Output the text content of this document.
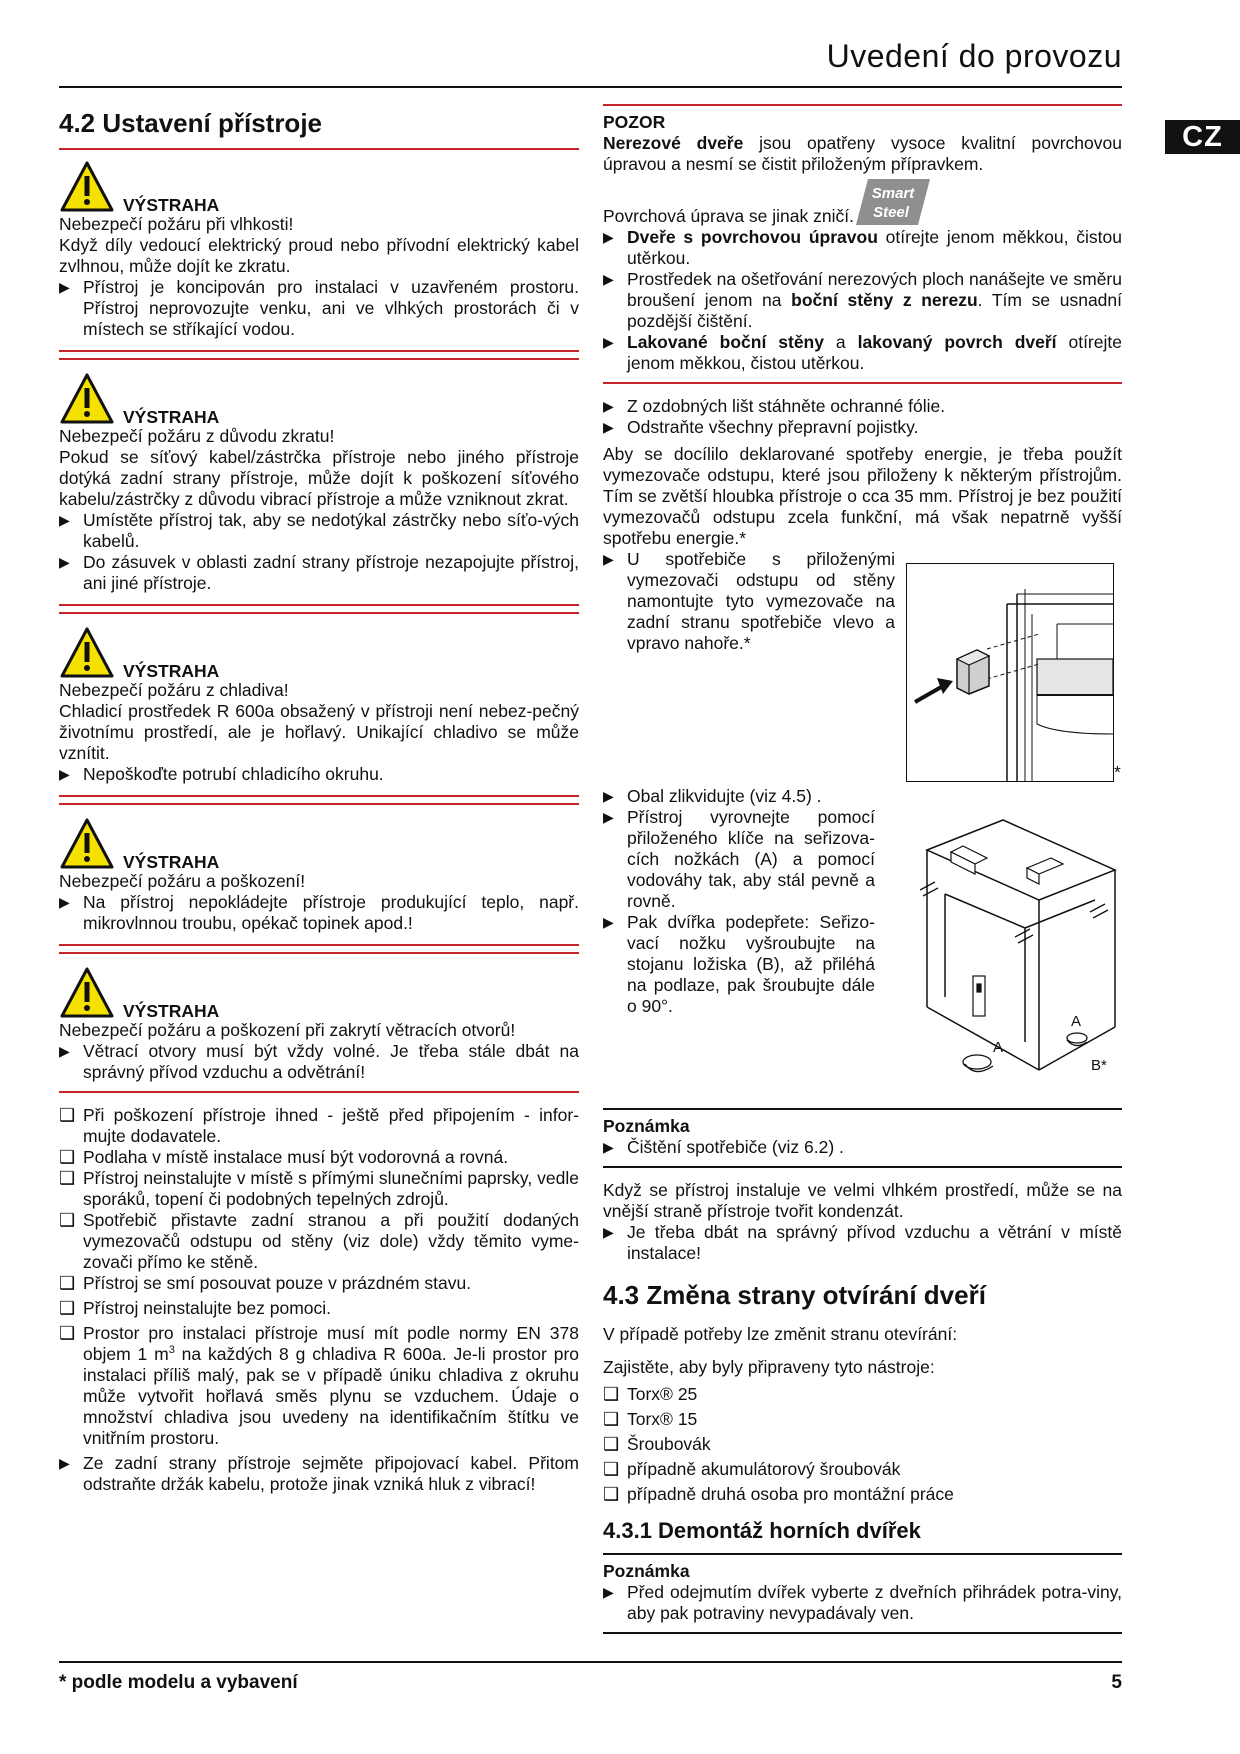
Uvedení do provozu
CZ
4.2 Ustavení přístroje
VÝSTRAHA

Nebezpečí požáru při vlhkosti!

Když díly vedoucí elektrický proud nebo přívodní elektrický kabel zvlhnou, může dojít ke zkratu.

▶ Přístroj je koncipován pro instalaci v uzavřeném prostoru. Přístroj neprovozujte venku, ani ve vlhkých prostorách či v místech se stříkající vodou.
VÝSTRAHA

Nebezpečí požáru z důvodu zkratu!

Pokud se síťový kabel/zástrčka přístroje nebo jiného přístroje dotýká zadní strany přístroje, může dojít k poškození síťového kabelu/zástrčky z důvodu vibrací přístroje a může vzniknout zkrat.

▶ Umístěte přístroj tak, aby se nedotýkal zástrčky nebo síťo-vých kabelů.
▶ Do zásuvek v oblasti zadní strany přístroje nezapojujte přístroj, ani jiné přístroje.
VÝSTRAHA

Nebezpečí požáru z chladiva!

Chladicí prostředek R 600a obsažený v přístroji není nebez-pečný životnímu prostředí, ale je hořlavý. Unikající chladivo se může vznítit.

▶ Nepoškoďte potrubí chladicího okruhu.
VÝSTRAHA

Nebezpečí požáru a poškození!

▶ Na přístroj nepokládejte přístroje produkující teplo, např. mikrovlnnou troubu, opékač topinek apod.!
VÝSTRAHA

Nebezpečí požáru a poškození při zakrytí větracích otvorů!

▶ Větrací otvory musí být vždy volné. Je třeba stále dbát na správný přívod vzduchu a odvětrání!
❑ Při poškození přístroje ihned - ještě před připojením - infor-mujte dodavatele.
❑ Podlaha v místě instalace musí být vodorovná a rovná.
❑ Přístroj neinstalujte v místě s přímými slunečními paprsky, vedle sporáků, topení či podobných tepelných zdrojů.
❑ Spotřebič přistavte zadní stranou a při použití dodaných vymezovačů odstupu od stěny (viz dole) vždy těmito vyme-zovači přímo ke stěně.
❑ Přístroj se smí posouvat pouze v prázdném stavu.
❑ Přístroj neinstalujte bez pomoci.
❑ Prostor pro instalaci přístroje musí mít podle normy EN 378 objem 1 $m^3$ na každých 8 g chladiva R 600a. Je-li prostor pro instalaci příliš malý, pak se v případě úniku chladiva z okruhu může vytvořit hořlavá směs plynu se vzduchem. Údaje o množství chladiva jsou uvedeny na identifikačním štítku ve vnitřním prostoru.
▶ Ze zadní strany přístroje sejměte připojovací kabel. Přitom odstraňte držák kabelu, protože jinak vzniká hluk z vibrací!
POZOR

Nerezové dveře jsou opatřeny vysoce kvalitní povrchovou úpravou a nesmí se čistit přiloženým přípravkem.

Povrchová úprava se jinak zničí.
Smart
Steel
▶ Dveře s povrchovou úpravou otírejte jenom měkkou, čistou utěrkou.
▶ Prostředek na ošetřování nerezových ploch nanášejte ve směru broušení jenom na boční stěny z nerezu. Tím se usnadní pozdější čištění.
▶ Lakované boční stěny a lakovaný povrch dveří otírejte jenom měkkou, čistou utěrkou.
▶ Z ozdobných lišt stáhněte ochranné fólie.
▶ Odstraňte všechny přepravní pojistky.

Aby se docílilo deklarované spotřeby energie, je třeba použít vymezovače odstupu, které jsou přiloženy k některým přístrojům. Tím se zvětší hloubka přístroje o cca 35 mm. Přístroj je bez použití vymezovačů odstupu zcela funkční, má však nepatrně vyšší spotřebu energie.*

▶ U spotřebiče s přiloženými vymezovači odstupu od stěny namontujte tyto vymezovače na zadní stranu spotřebiče vlevo a vpravo nahoře.*
*
▶ Obal zlikvidujte (viz 4.5) .
▶ Přístroj vyrovnejte pomocí přiloženého klíče na seřizova-cích nožkách (A) a pomocí vodováhy tak, aby stál pevně a rovně.
▶ Pak dvířka podepřete: Seřizo-vací nožku vyšroubujte na stojanu ložiska (B), až přiléhá na podlaze, pak šroubujte dále o 90°.
A
A
B*
Poznámka
▶ Čištění spotřebiče (viz 6.2) .

Když se přístroj instaluje ve velmi vlhkém prostředí, může se na vnější straně přístroje tvořit kondenzát.

▶ Je třeba dbát na správný přívod vzduchu a větrání v místě instalace!
4.3 Změna strany otvírání dveří

V případě potřeby lze změnit stranu otevírání:

Zajistěte, aby byly připraveny tyto nástroje:

❑ Torx® 25
❑ Torx® 15
❑ Šroubovák
❑ případně akumulátorový šroubovák
❑ případně druhá osoba pro montážní práce
4.3.1 Demontáž horních dvířek
Poznámka
▶ Před odejmutím dvířek vyberte z dveřních přihrádek potra-viny, aby pak potraviny nevypadávaly ven.
* podle modelu a vybavení	5
